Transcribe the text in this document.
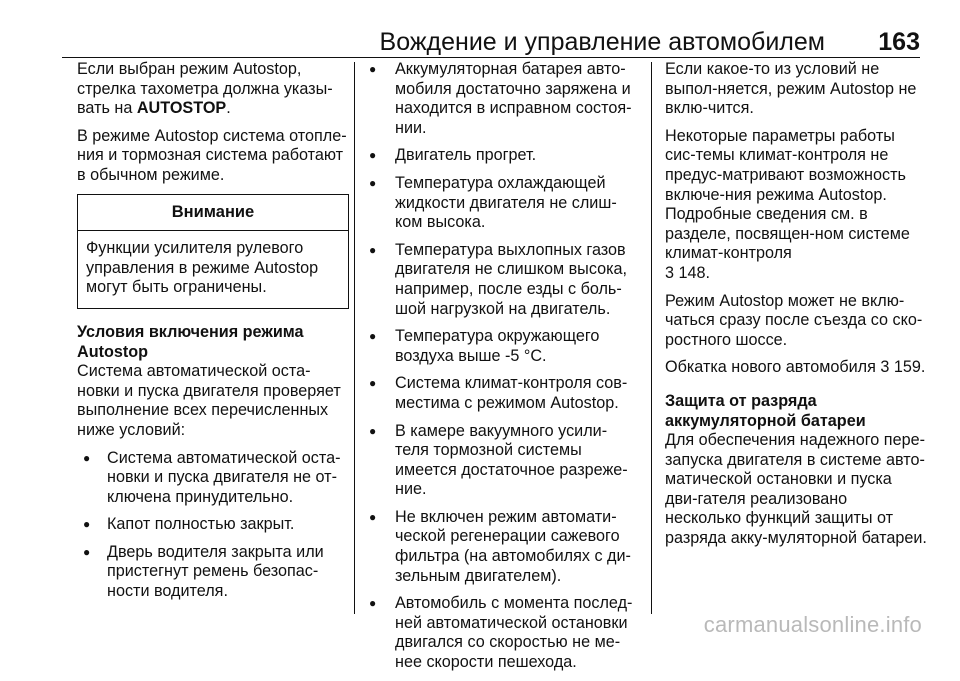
Вождение и управление автомобилем 163

Если выбран режим Autostop, стрелка тахометра должна указы-вать на AUTOSTOP.

В режиме Autostop система отопле-ния и тормозная система работают в обычном режиме.

Внимание
Функции усилителя рулевого управления в режиме Autostop могут быть ограничены.
Условия включения режима Autostop

Система автоматической оста-новки и пуска двигателя проверяет выполнение всех перечисленных ниже условий:

● Система автоматической оста-новки и пуска двигателя не от-ключена принудительно.
● Капот полностью закрыт.
● Дверь водителя закрыта или пристегнут ремень безопас-ности водителя.
● Аккумуляторная батарея авто-мобиля достаточно заряжена и находится в исправном состоя-нии.
● Двигатель прогрет.
● Температура охлаждающей жидкости двигателя не слиш-ком высока.
● Температура выхлопных газов двигателя не слишком высока, например, после езды с боль-шой нагрузкой на двигатель.
● Температура окружающего воздуха выше -5 °C.
● Система климат-контроля сов-местима с режимом Autostop.
● В камере вакуумного усили-теля тормозной системы имеется достаточное разреже-ние.
● Не включен режим автомати-ческой регенерации сажевого фильтра (на автомобилях с ди-зельным двигателем).
● Автомобиль с момента послед-ней автоматической остановки двигался со скоростью не ме-нее скорости пешехода.

Если какое-то из условий не выпол-няется, режим Autostop не вклю-чится.

Некоторые параметры работы сис-темы климат-контроля не предус-матривают возможность включе-ния режима Autostop. Подробные сведения см. в разделе, посвящен-ном системе климат-контроля
3 148.

Режим Autostop может не вклю-чаться сразу после съезда со ско-ростного шоссе.

Обкатка нового автомобиля 3 159.

Защита от разряда аккумуляторной батареи

Для обеспечения надежного пере-запуска двигателя в системе авто-матической остановки и пуска дви-гателя реализовано несколько функций защиты от разряда акку-муляторной батареи.

carmanualsonline.info
